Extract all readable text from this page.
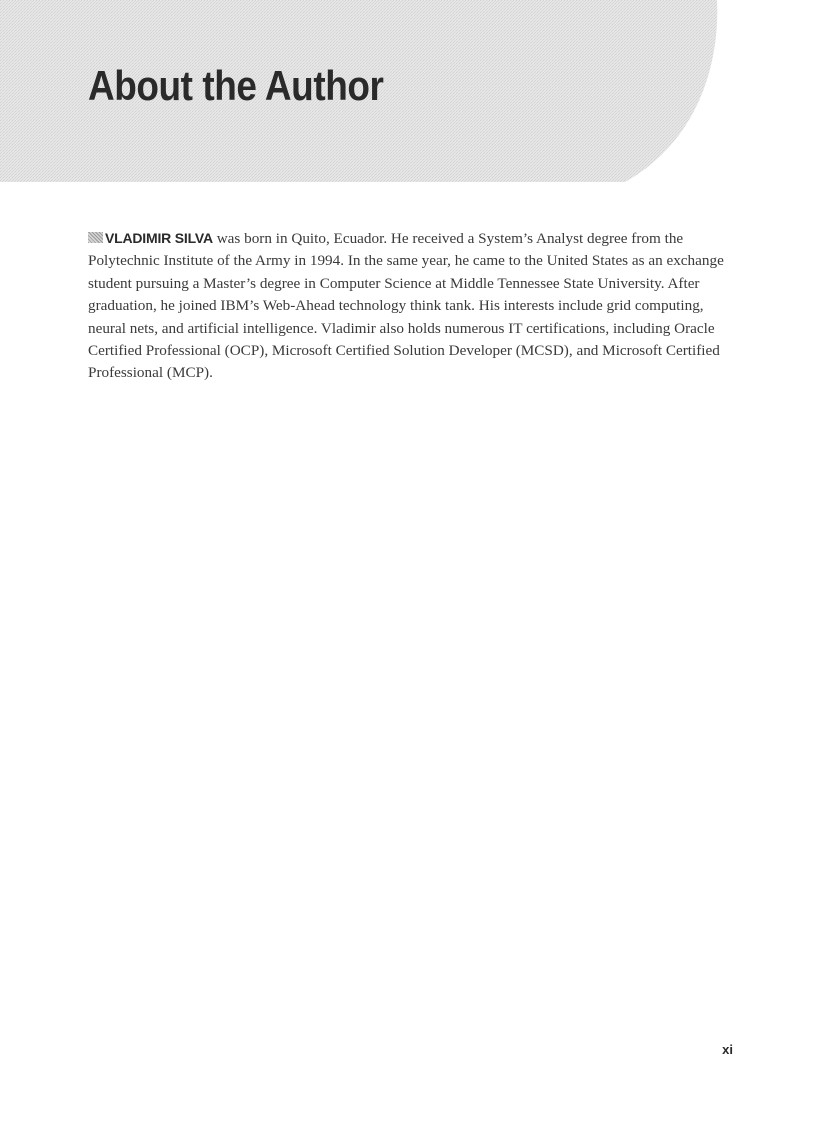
About the Author

VLADIMIR SILVA was born in Quito, Ecuador. He received a System’s Analyst degree from the Polytechnic Institute of the Army in 1994. In the same year, he came to the United States as an exchange student pursuing a Master’s degree in Computer Science at Middle Tennessee State University. After graduation, he joined IBM’s Web-Ahead technology think tank. His interests include grid computing, neural nets, and artificial intelligence. Vladimir also holds numerous IT certifications, including Oracle Certified Professional (OCP), Microsoft Certified Solution Developer (MCSD), and Microsoft Certified Professional (MCP).

xi
